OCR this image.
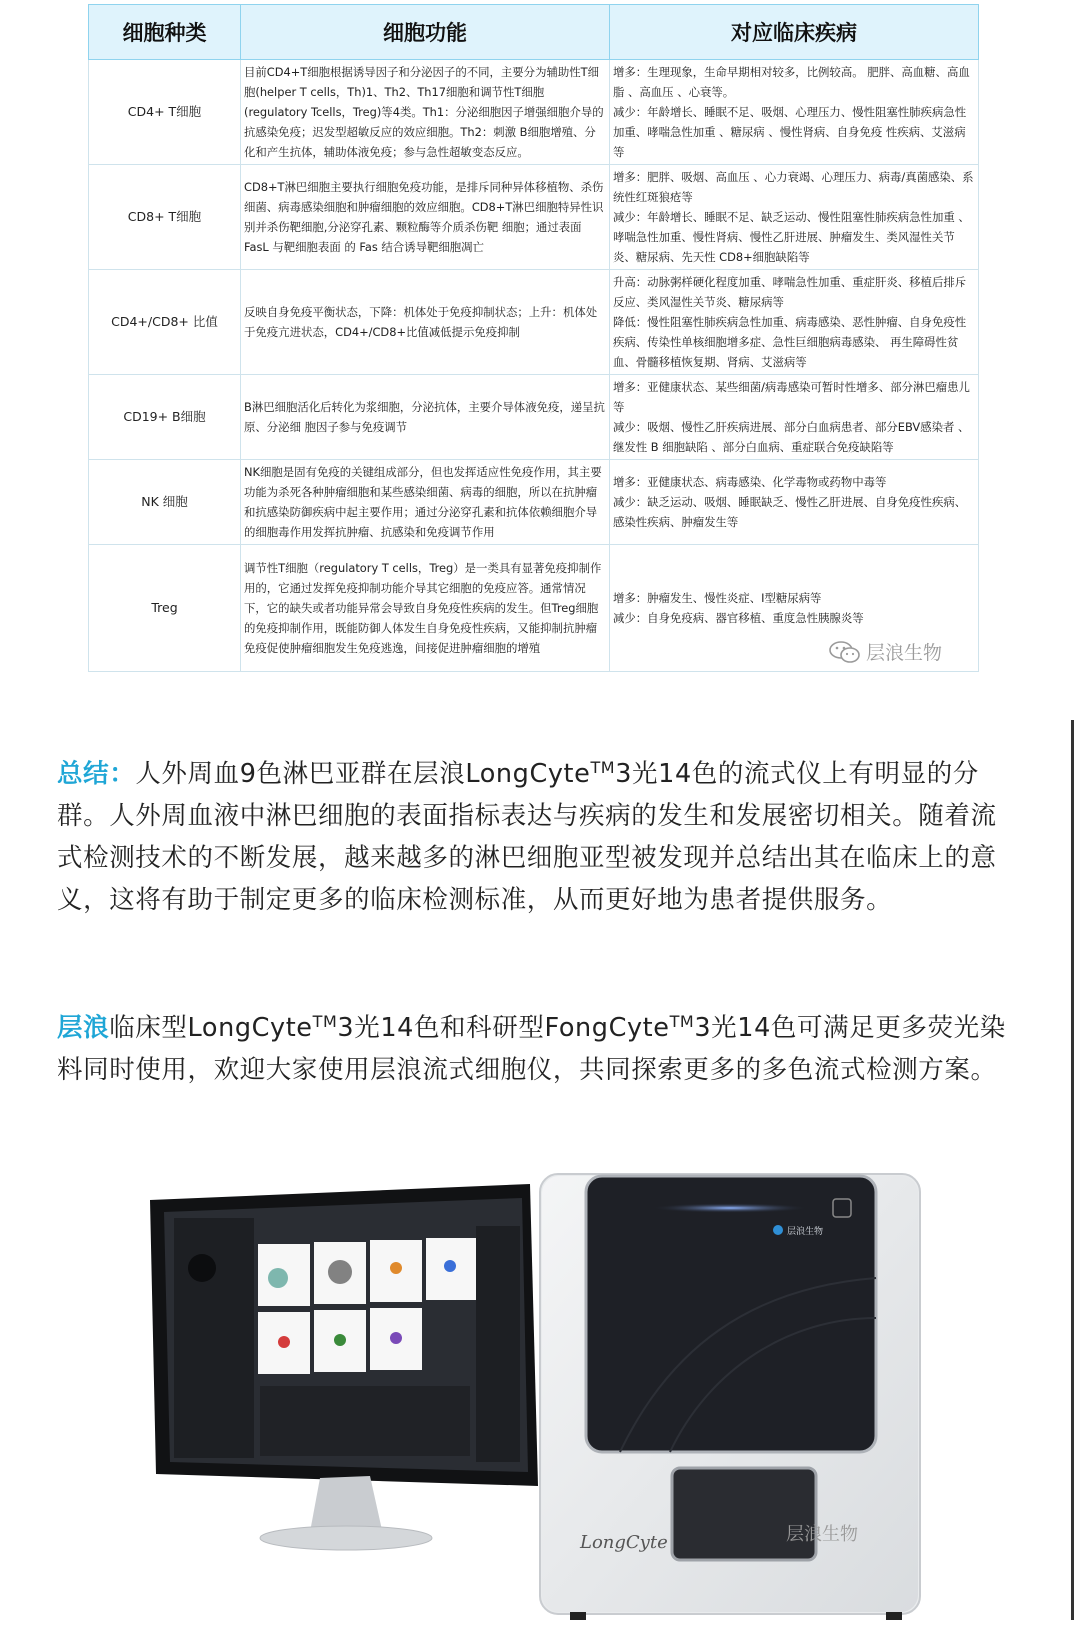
细胞种类	细胞功能	对应临床疾病
CD4+ T细胞	目前CD4+T细胞根据诱导因子和分泌因子的不同，主要分为辅助性T细胞(helper T cells，Th)1、Th2、Th17细胞和调节性T细胞(regulatory Tcells，Treg)等4类。Th1：分泌细胞因子增强细胞介导的抗感染免疫；迟发型超敏反应的效应细胞。Th2：刺激 B细胞增殖、分化和产生抗体，辅助体液免疫；参与急性超敏变态反应。	增多：生理现象，生命早期相对较多，比例较高。 肥胖、高血糖、高血脂 、高血压 、心衰等。
减少：年龄增长、睡眠不足、吸烟、心理压力、慢性阻塞性肺疾病急性加重、哮喘急性加重 、糖尿病 、慢性肾病、自身免疫 性疾病、艾滋病等
CD8+ T细胞	CD8+T淋巴细胞主要执行细胞免疫功能，是排斥同种异体移植物、杀伤细菌、病毒感染细胞和肿瘤细胞的效应细胞。CD8+T淋巴细胞特异性识别并杀伤靶细胞,分泌穿孔素、颗粒酶等介质杀伤靶 细胞；通过表面 FasL 与靶细胞表面 的 Fas 结合诱导靶细胞凋亡	增多：肥胖、吸烟、高血压 、心力衰竭、心理压力、病毒/真菌感染、系统性红斑狼疮等
减少：年龄增长、睡眠不足、缺乏运动、慢性阻塞性肺疾病急性加重 、哮喘急性加重、慢性肾病、慢性乙肝进展、肿瘤发生、类风湿性关节炎、糖尿病、先天性 CD8+细胞缺陷等
CD4+/CD8+ 比值	反映自身免疫平衡状态，下降：机体处于免疫抑制状态；上升：机体处于免疫亢进状态，CD4+/CD8+比值减低提示免疫抑制	升高：动脉粥样硬化程度加重、哮喘急性加重、重症肝炎、移植后排斥反应、类风湿性关节炎、糖尿病等
降低：慢性阻塞性肺疾病急性加重、病毒感染、恶性肿瘤、自身免疫性疾病、传染性单核细胞增多症、急性巨细胞病毒感染、 再生障碍性贫血、骨髓移植恢复期、肾病、艾滋病等
CD19+ B细胞	B淋巴细胞活化后转化为浆细胞，分泌抗体，主要介导体液免疫，递呈抗原、分泌细 胞因子参与免疫调节	增多：亚健康状态、某些细菌/病毒感染可暂时性增多、部分淋巴瘤患儿等
减少：吸烟、慢性乙肝疾病进展、部分白血病患者、部分EBV感染者 、继发性 B 细胞缺陷 、部分白血病、重症联合免疫缺陷等
NK 细胞	NK细胞是固有免疫的关键组成部分，但也发挥适应性免疫作用，其主要功能为杀死各种肿瘤细胞和某些感染细菌、病毒的细胞，所以在抗肿瘤和抗感染防御疾病中起主要作用；通过分泌穿孔素和抗体依赖细胞介导的细胞毒作用发挥抗肿瘤、抗感染和免疫调节作用	增多：亚健康状态、病毒感染、化学毒物或药物中毒等
减少：缺乏运动、吸烟、睡眠缺乏、慢性乙肝进展、自身免疫性疾病、感染性疾病、肿瘤发生等
Treg	调节性T细胞（regulatory T cells，Treg）是一类具有显著免疫抑制作用的，它通过发挥免疫抑制功能介导其它细胞的免疫应答。通常情况下，它的缺失或者功能异常会导致自身免疫性疾病的发生。但Treg细胞的免疫抑制作用，既能防御人体发生自身免疫性疾病，又能抑制抗肿瘤免疫促使肿瘤细胞发生免疫逃逸，间接促进肿瘤细胞的增殖	增多：肿瘤发生、慢性炎症、I型糖尿病等
减少：自身免疫病、器官移植、重度急性胰腺炎等
层浪生物
总结：人外周血9色淋巴亚群在层浪LongCyte™3光14色的流式仪上有明显的分群。人外周血液中淋巴细胞的表面指标表达与疾病的发生和发展密切相关。随着流式检测技术的不断发展，越来越多的淋巴细胞亚型被发现并总结出其在临床上的意义，这将有助于制定更多的临床检测标准，从而更好地为患者提供服务。
层浪临床型LongCyte™3光14色和科研型FongCyte™3光14色可满足更多荧光染料同时使用，欢迎大家使用层浪流式细胞仪，共同探索更多的多色流式检测方案。
层浪生物
LongCyte	层浪生物
